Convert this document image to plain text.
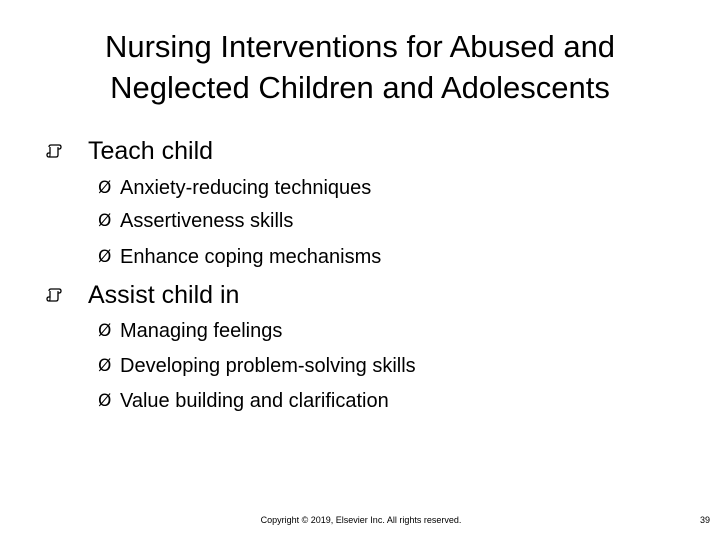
Nursing Interventions for Abused and
Neglected Children and Adolescents
Teach child
Ø Anxiety-reducing techniques
Ø Assertiveness skills
Ø Enhance coping mechanisms
Assist child in
Ø Managing feelings
Ø Developing problem-solving skills
Ø Value building and clarification
Copyright © 2019, Elsevier Inc. All rights reserved.	39
